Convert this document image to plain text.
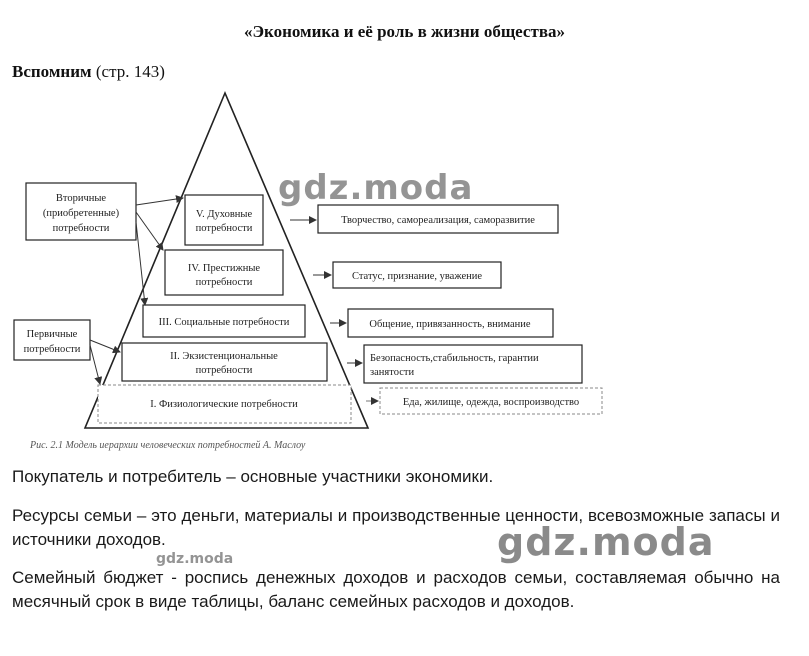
«Экономика и её роль в жизни общества»
Вспомним (стр. 143)
V. Духовные
потребности
IV. Престижные
потребности
III. Социальные потребности
II. Экзистенциональные
потребности
I. Физиологические потребности
Творчество, самореализация, саморазвитие
Статус, признание, уважение
Общение, привязанность, внимание
Безопасность,стабильность, гарантии
занятости
Еда, жилище, одежда, воспроизводство
Вторичные
(приобретенные)
потребности
Первичные
потребности
Рис. 2.1 Модель иерархии человеческих потребностей А. Маслоу
gdz.moda
Покупатель и потребитель – основные участники экономики.
Ресурсы семьи – это деньги, материалы и производственные ценности, всевозможные запасы и источники доходов.
Семейный бюджет - роспись денежных доходов и расходов семьи, составляемая обычно на месячный срок в виде таблицы, баланс семейных расходов и доходов.
gdz.moda
gdz.moda
